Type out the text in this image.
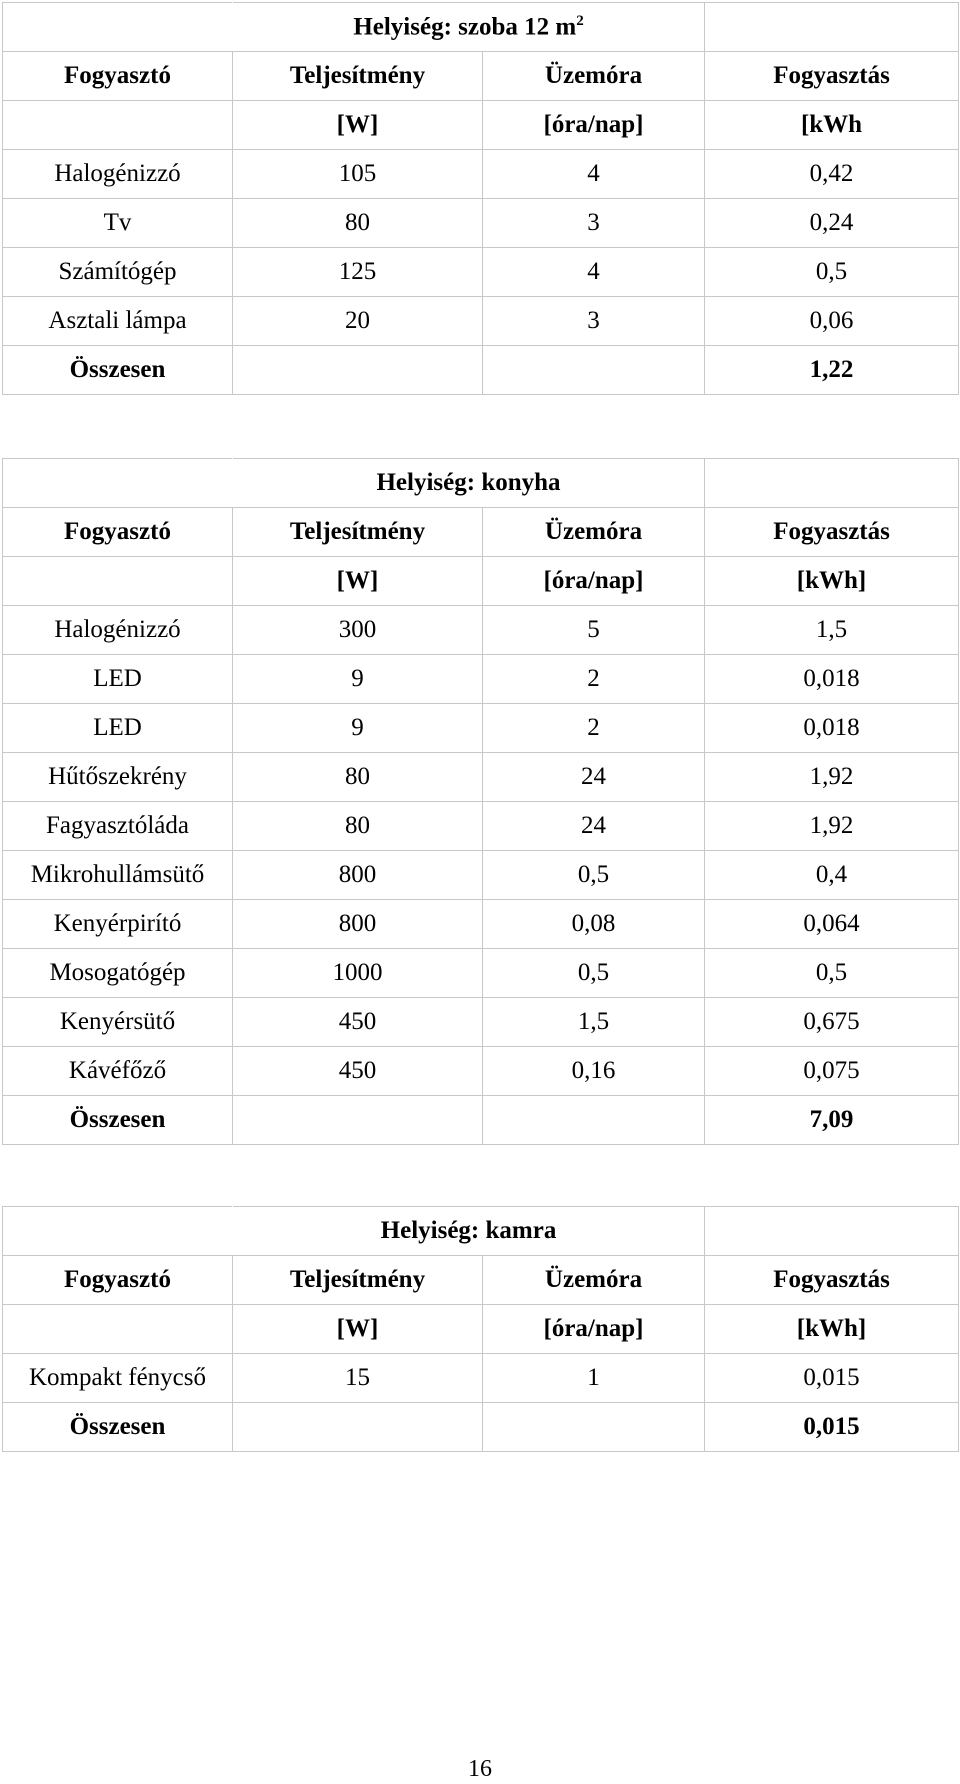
	Helyiség: szoba 12 $m^2$	
Fogyasztó	Teljesítmény	Üzemóra	Fogyasztás
	[W]	[óra/nap]	[kWh
Halogénizzó	105	4	0,42
Tv	80	3	0,24
Számítógép	125	4	0,5
Asztali lámpa	20	3	0,06
Összesen			1,22
	Helyiség: konyha		
Fogyasztó	Teljesítmény	Üzemóra	Fogyasztás
	[W]	[óra/nap]	[kWh]
Halogénizzó	300	5	1,5
LED	9	2	0,018
LED	9	2	0,018
Hűtőszekrény	80	24	1,92
Fagyasztóláda	80	24	1,92
Mikrohullámsütő	800	0,5	0,4
Kenyérpirító	800	0,08	0,064
Mosogatógép	1000	0,5	0,5
Kenyérsütő	450	1,5	0,675
Kávéfőző	450	0,16	0,075
Összesen			7,09
	Helyiség: kamra		
Fogyasztó	Teljesítmény	Üzemóra	Fogyasztás
	[W]	[óra/nap]	[kWh]
Kompakt fénycső	15	1	0,015
Összesen			0,015
16
